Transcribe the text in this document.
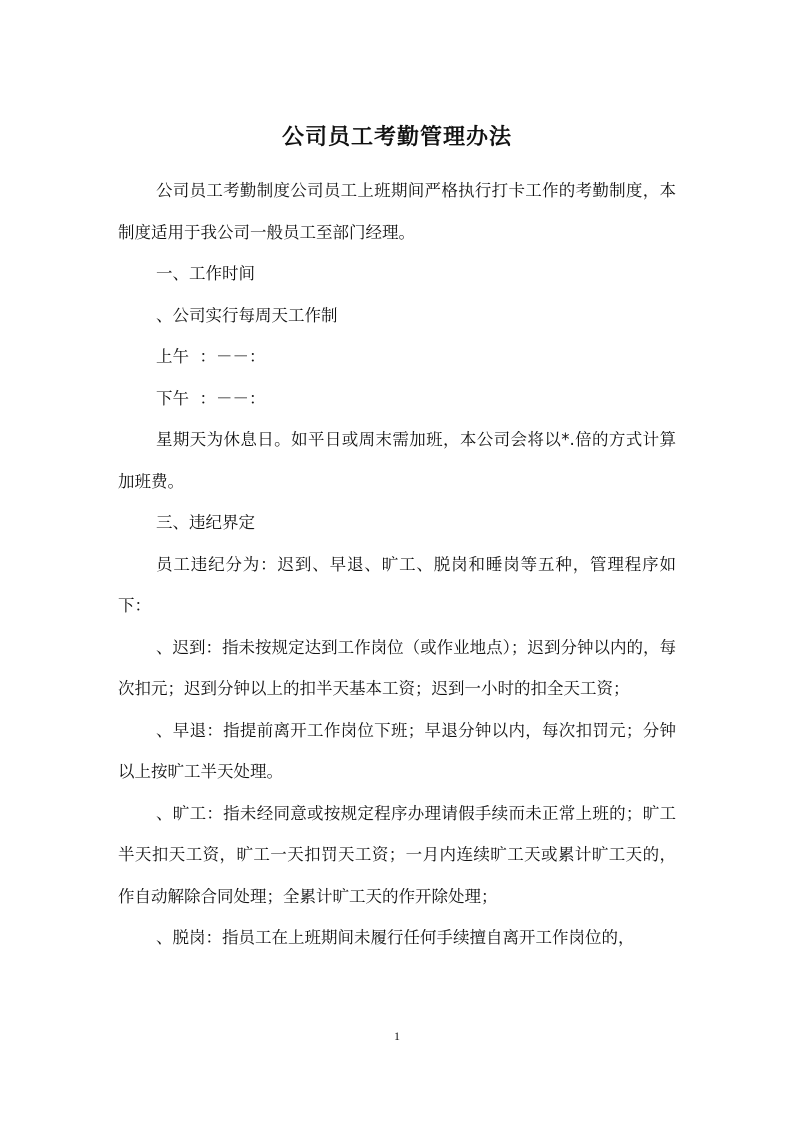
公司员工考勤管理办法

公司员工考勤制度公司员工上班期间严格执行打卡工作的考勤制度，本制度适用于我公司一般员工至部门经理。

一、工作时间

、公司实行每周天工作制

上午  ：－－：

下午  ：－－：

星期天为休息日。如平日或周末需加班，本公司会将以*.倍的方式计算加班费。

三、违纪界定

员工违纪分为：迟到、早退、旷工、脱岗和睡岗等五种，管理程序如下：

、迟到：指未按规定达到工作岗位（或作业地点）；迟到分钟以内的，每次扣元；迟到分钟以上的扣半天基本工资；迟到一小时的扣全天工资；

、早退：指提前离开工作岗位下班；早退分钟以内，每次扣罚元；分钟以上按旷工半天处理。

、旷工：指未经同意或按规定程序办理请假手续而未正常上班的；旷工半天扣天工资，旷工一天扣罚天工资；一月内连续旷工天或累计旷工天的，作自动解除合同处理；全累计旷工天的作开除处理；

、脱岗：指员工在上班期间未履行任何手续擅自离开工作岗位的，

1
